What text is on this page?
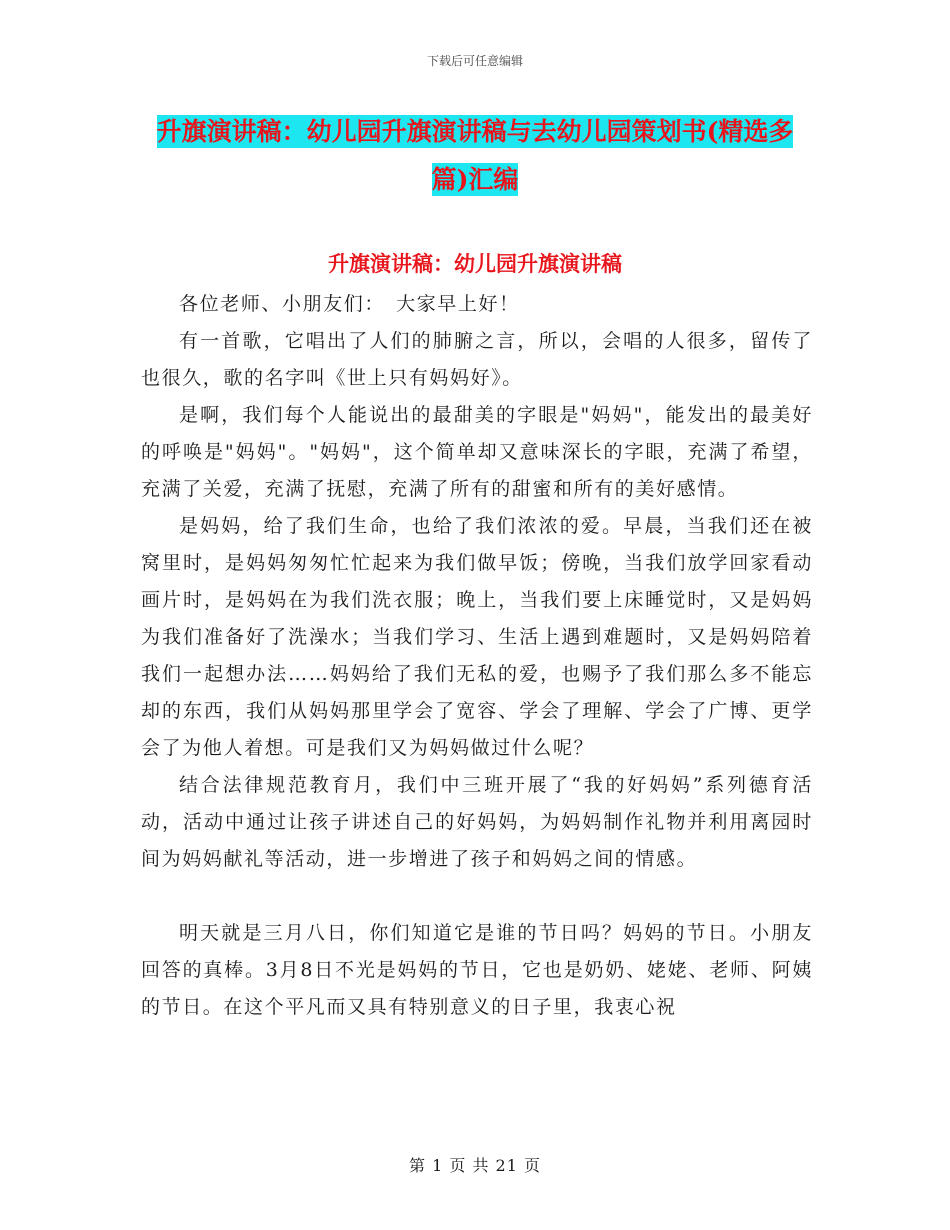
下载后可任意编辑
升旗演讲稿：幼儿园升旗演讲稿与去幼儿园策划书(精选多篇)汇编
升旗演讲稿：幼儿园升旗演讲稿

各位老师、小朋友们：　大家早上好！

有一首歌，它唱出了人们的肺腑之言，所以，会唱的人很多，留传了也很久，歌的名字叫《世上只有妈妈好》。

是啊，我们每个人能说出的最甜美的字眼是"妈妈"，能发出的最美好的呼唤是"妈妈"。"妈妈"，这个简单却又意味深长的字眼，充满了希望，充满了关爱，充满了抚慰，充满了所有的甜蜜和所有的美好感情。

是妈妈，给了我们生命，也给了我们浓浓的爱。早晨，当我们还在被窝里时，是妈妈匆匆忙忙起来为我们做早饭；傍晚，当我们放学回家看动画片时，是妈妈在为我们洗衣服；晚上，当我们要上床睡觉时，又是妈妈为我们准备好了洗澡水；当我们学习、生活上遇到难题时，又是妈妈陪着我们一起想办法……妈妈给了我们无私的爱，也赐予了我们那么多不能忘却的东西，我们从妈妈那里学会了宽容、学会了理解、学会了广博、更学会了为他人着想。可是我们又为妈妈做过什么呢？

结合法律规范教育月，我们中三班开展了“我的好妈妈”系列德育活动，活动中通过让孩子讲述自己的好妈妈，为妈妈制作礼物并利用离园时间为妈妈献礼等活动，进一步增进了孩子和妈妈之间的情感。

明天就是三月八日，你们知道它是谁的节日吗？妈妈的节日。小朋友回答的真棒。3月8日不光是妈妈的节日，它也是奶奶、姥姥、老师、阿姨的节日。在这个平凡而又具有特别意义的日子里，我衷心祝

第 1 页 共 21 页
